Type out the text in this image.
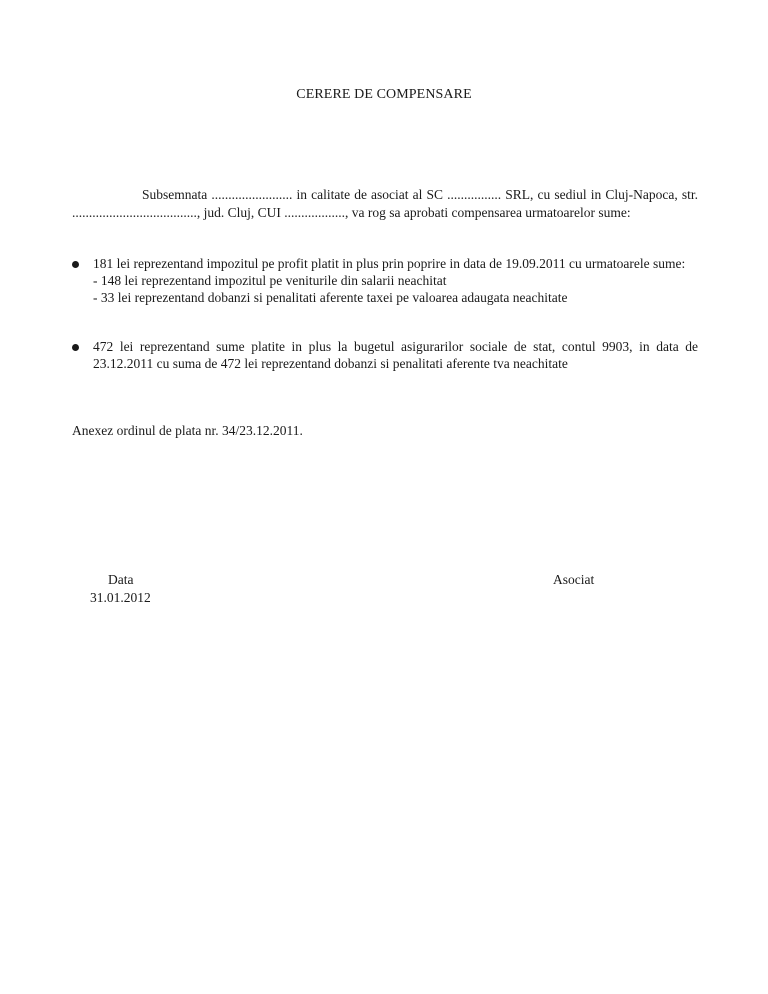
CERERE DE COMPENSARE
Subsemnata ........................ in calitate de asociat al SC ................ SRL, cu sediul in Cluj-Napoca, str. ....................................., jud. Cluj, CUI .................., va rog sa aprobati compensarea urmatoarelor sume:
181 lei reprezentand impozitul pe profit platit in plus prin poprire in data de 19.09.2011 cu urmatoarele sume:
- 148 lei reprezentand impozitul pe veniturile din salarii neachitat
- 33 lei reprezentand dobanzi si penalitati aferente taxei pe valoarea adaugata neachitate
472 lei reprezentand sume platite in plus la bugetul asigurarilor sociale de stat, contul 9903, in data de 23.12.2011 cu suma de 472 lei reprezentand dobanzi si penalitati aferente tva neachitate
Anexez ordinul de plata nr. 34/23.12.2011.
Data
31.01.2012
Asociat
